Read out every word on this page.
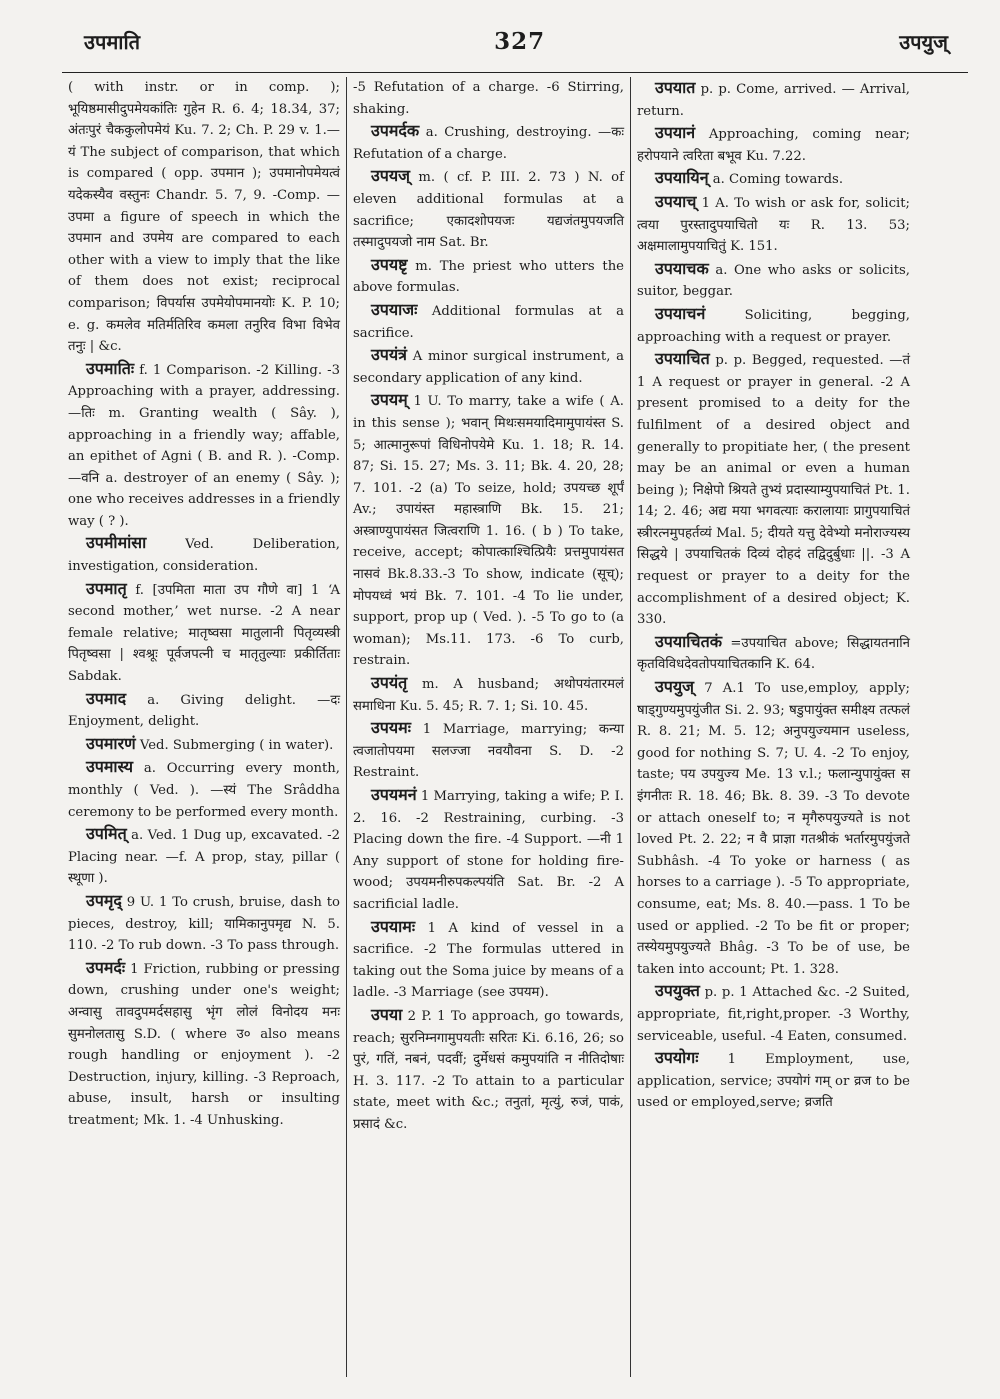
उपमाति	327	उपयुज्

( with instr. or in comp. ); भूयिष्ठमासीदुपमेयकांतिः गुहेन R. 6. 4; 18.34, 37; अंतःपुरं चैककुलोपमेयं Ku. 7. 2; Ch. P. 29 v. 1.—यं The subject of comparison, that which is compared ( opp. उपमान ); उपमानोपमेयत्वं यदेकस्यैव वस्तुनः Chandr. 5. 7, 9. -Comp. —उपमा a figure of speech in which the उपमान and उपमेय are compared to each other with a view to imply that the like of them does not exist; reciprocal comparison; विपर्यास उपमेयोपमानयोः K. P. 10; e. g. कमलेव मतिर्मतिरिव कमला तनुरिव विभा विभेव तनुः | &c.

उपमातिः f. 1 Comparison. -2 Killing. -3 Approaching with a prayer, addressing. —तिः m. Granting wealth ( Sây. ), approaching in a friendly way; affable, an epithet of Agni ( B. and R. ). -Comp. —वनि a. destroyer of an enemy ( Sây. ); one who receives addresses in a friendly way ( ? ).

उपमीमांसा	Ved. Deliberation, investigation, consideration.

उपमातृ f. [उपमिता माता उप गौणे वा] 1 ‘A second mother,’ wet nurse. -2 A near female relative; मातृष्वसा मातुलानी पितृव्यस्त्री पितृष्वसा | श्वश्रूः पूर्वजपत्नी च मातृतुल्याः प्रकीर्तिताः Sabdak.

उपमाद a. Giving delight. —दः Enjoyment, delight.

उपमारणं Ved. Submerging ( in water).

उपमास्य a. Occurring every month, monthly ( Ved. ). —स्यं The Srâddha ceremony to be performed every month.

उपमित् a. Ved. 1 Dug up, excavated. -2 Placing near. —f. A prop, stay, pillar ( स्थूणा ).

उपमृद् 9 U. 1 To crush, bruise, dash to pieces, destroy, kill; यामिकानुपमृद्य N. 5. 110. -2 To rub down. -3 To pass through.

उपमर्दः 1 Friction, rubbing or pressing down, crushing under one's weight; अन्वासु तावदुपमर्दसहासु भृंग लोलं विनोदय मनः सुमनोलतासु S.D. ( where उ० also means rough handling or enjoyment ). -2 Destruction, injury, killing. -3 Reproach, abuse, insult, harsh or insulting treatment; Mk. 1. -4 Unhusking.

-5 Refutation of a charge. -6 Stirring, shaking.

उपमर्दक a. Crushing, destroying. —कः Refutation of a charge.

उपयज् m. ( cf. P. III. 2. 73 ) N. of eleven additional formulas at a sacrifice; एकादशोपयजः यद्यजंतमुपयजति तस्मादुपयजो नाम Sat. Br.

उपयष्टृ m. The priest who utters the above formulas.

उपयाजः Additional formulas at a sacrifice.

उपयंत्रं A minor surgical instrument, a secondary application of any kind.

उपयम् 1 U. To marry, take a wife ( A. in this sense ); भवान् मिथःसमयादिमामुपायंस्त S. 5; आत्मानुरूपां विधिनोपयेमे Ku. 1. 18; R. 14. 87; Si. 15. 27; Ms. 3. 11; Bk. 4. 20, 28; 7. 101. -2 (a) To seize, hold; उपयच्छ शूर्पं Av.; उपायंस्त महास्त्राणि Bk. 15. 21; अस्त्राण्युपायंसत जित्वराणि 1. 16. ( b ) To take, receive, accept; कोपात्काश्चित्प्रियैः प्रत्तमुपायंसत नासवं Bk.8.33.-3 To show, indicate (सूच्); मोपयध्वं भयं Bk. 7. 101. -4 To lie under, support, prop up ( Ved. ). -5 To go to (a woman); Ms.11. 173. -6 To curb, restrain.

उपयंतृ m. A husband; अथोपयंतारमलं समाधिना Ku. 5. 45; R. 7. 1; Si. 10. 45.

उपयमः 1 Marriage, marrying; कन्या त्वजातोपयमा सलज्जा नवयौवना S. D. -2 Restraint.

उपयमनं 1 Marrying, taking a wife; P. I. 2. 16. -2 Restraining, curbing. -3 Placing down the fire. -4 Support. —नी 1 Any support of stone for holding fire-wood; उपयमनीरुपकल्पयंति Sat. Br. -2 A sacrificial ladle.

उपयामः 1 A kind of vessel in a sacrifice. -2 The formulas uttered in taking out the Soma juice by means of a ladle. -3 Marriage (see उपयम).

उपया 2 P. 1 To approach, go towards, reach; सुरनिम्नगामुपयतीः सरितः Ki. 6.16, 26; so पुरं, गतिं, नबनं, पदवीं; दुर्मेधसं कमुपयांति न नीतिदोषाः H. 3. 117. -2 To attain to a particular state, meet with &c.; तनुतां, मृत्युं, रुजं, पाकं, प्रसादं &c.

उपयात p. p. Come, arrived. — Arrival, return.

उपयानं Approaching, coming near; हरोपयाने त्वरिता बभूव Ku. 7.22.

उपयायिन् a. Coming towards.

उपयाच् 1 A. To wish or ask for, solicit; त्वया पुरस्तादुपयाचितो यः R. 13. 53; अक्षमालामुपयाचितुं K. 151.

उपयाचक a. One who asks or solicits, suitor, beggar.

उपयाचनं	Soliciting, begging, approaching with a request or prayer.

उपयाचित p. p. Begged, requested. —तं 1 A request or prayer in general. -2 A present promised to a deity for the fulfilment of a desired object and generally to propitiate her, ( the present may be an animal or even a human being ); निक्षेपो श्रियते तुभ्यं प्रदास्याम्युपयाचितं Pt. 1. 14; 2. 46; अद्य मया भगवत्याः करालायाः प्रागुपयाचितं स्त्रीरत्नमुपहर्तव्यं Mal. 5; दीयते यत्तु देवेभ्यो मनोराज्यस्य सिद्धये | उपयाचितकं दिव्यं दोहदं तद्विदुर्बुधाः ||. -3 A request or prayer to a deity for the accomplishment of a desired object; K. 330.

उपयाचितकं =उपयाचित above; सिद्धायतनानि कृतविविधदेवतोपयाचितकानि K. 64.

उपयुज् 7 A.1 To use,employ, apply; षाड्गुण्यमुपयुंजीत Si. 2. 93; षडुपायुंक्त समीक्ष्य तत्फलं R. 8. 21; M. 5. 12; अनुपयुज्यमान useless, good for nothing S. 7; U. 4. -2 To enjoy, taste; पय उपयुज्य Me. 13 v.l.; फलान्युपायुंक्त स इंगनीतः R. 18. 46; Bk. 8. 39. -3 To devote or attach oneself to; न मृगैरुपयुज्यते is not loved Pt. 2. 22; न वै प्राज्ञा गतश्रीकं भर्तारमुपयुंजते Subhâsh. -4 To yoke or harness ( as horses to a carriage ). -5 To appropriate, consume, eat; Ms. 8. 40.—pass. 1 To be used or applied. -2 To be fit or proper; तस्येयमुपयुज्यते Bhâg. -3 To be of use, be taken into account; Pt. 1. 328.

उपयुक्त p. p. 1 Attached &c. -2 Suited, appropriate, fit,right,proper. -3 Worthy, serviceable, useful. -4 Eaten, consumed.

उपयोगः 1 Employment, use, application, service; उपयोगं गम् or व्रज to be used or employed,serve; व्रजति
